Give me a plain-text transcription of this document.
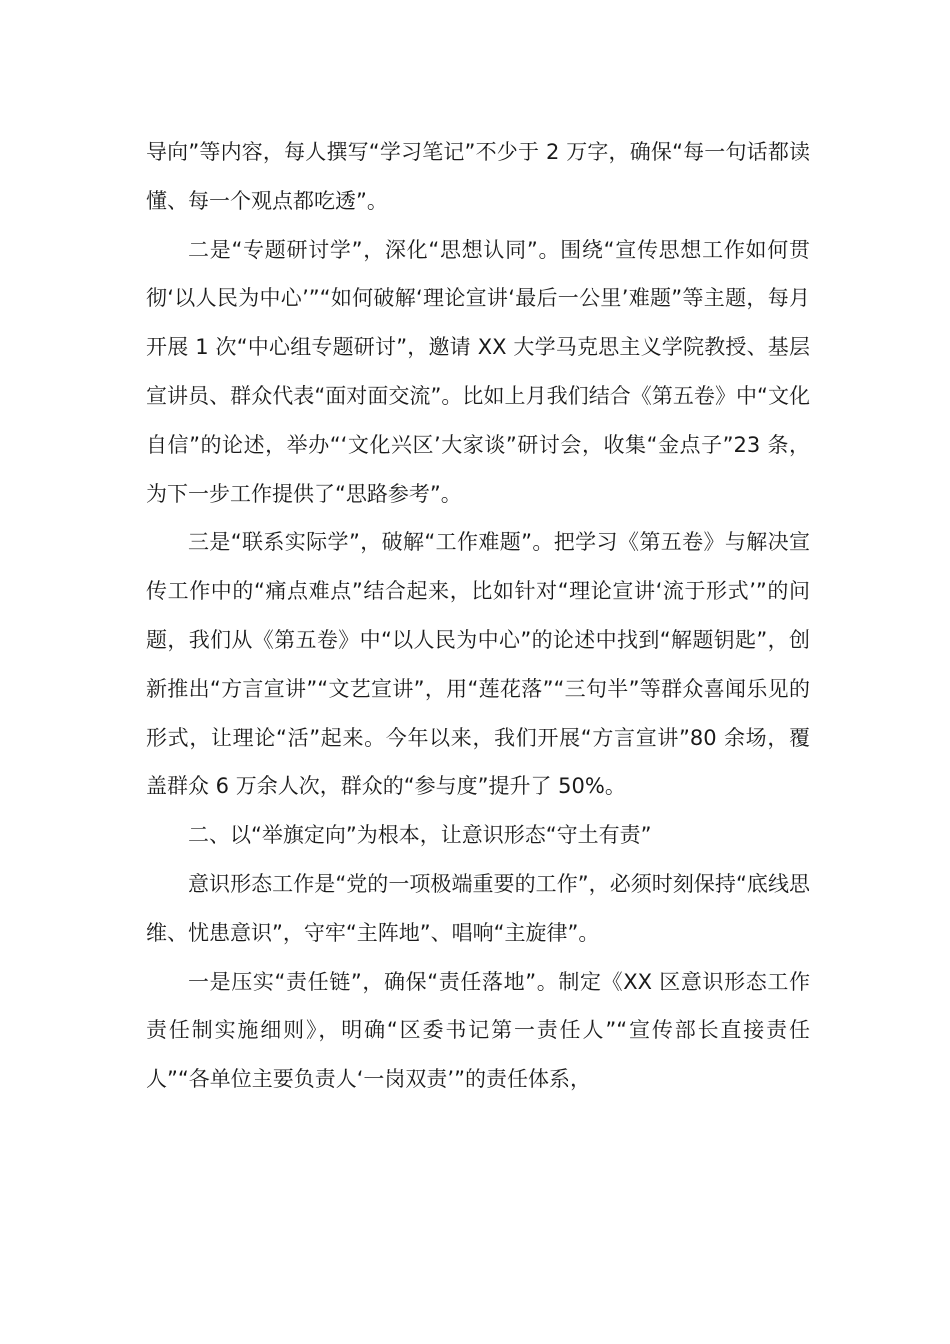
导向”等内容，每人撰写“学习笔记”不少于 2 万字，确保“每一句话都读懂、每一个观点都吃透”。

二是“专题研讨学”，深化“思想认同”。围绕“宣传思想工作如何贯彻‘以人民为中心’”“如何破解‘理论宣讲‘最后一公里’难题”等主题，每月开展 1 次“中心组专题研讨”，邀请 XX 大学马克思主义学院教授、基层宣讲员、群众代表“面对面交流”。比如上月我们结合《第五卷》中“文化自信”的论述，举办“‘文化兴区’大家谈”研讨会，收集“金点子”23 条，为下一步工作提供了“思路参考”。

三是“联系实际学”，破解“工作难题”。把学习《第五卷》与解决宣传工作中的“痛点难点”结合起来，比如针对“理论宣讲‘流于形式’”的问题，我们从《第五卷》中“以人民为中心”的论述中找到“解题钥匙”，创新推出“方言宣讲”“文艺宣讲”，用“莲花落”“三句半”等群众喜闻乐见的形式，让理论“活”起来。今年以来，我们开展“方言宣讲”80 余场，覆盖群众 6 万余人次，群众的“参与度”提升了 50%。

二、以“举旗定向”为根本，让意识形态“守土有责”

意识形态工作是“党的一项极端重要的工作”，必须时刻保持“底线思维、忧患意识”，守牢“主阵地”、唱响“主旋律”。

一是压实“责任链”，确保“责任落地”。制定《XX 区意识形态工作责任制实施细则》，明确“区委书记第一责任人”“宣传部长直接责任人”“各单位主要负责人‘一岗双责’”的责任体系，
